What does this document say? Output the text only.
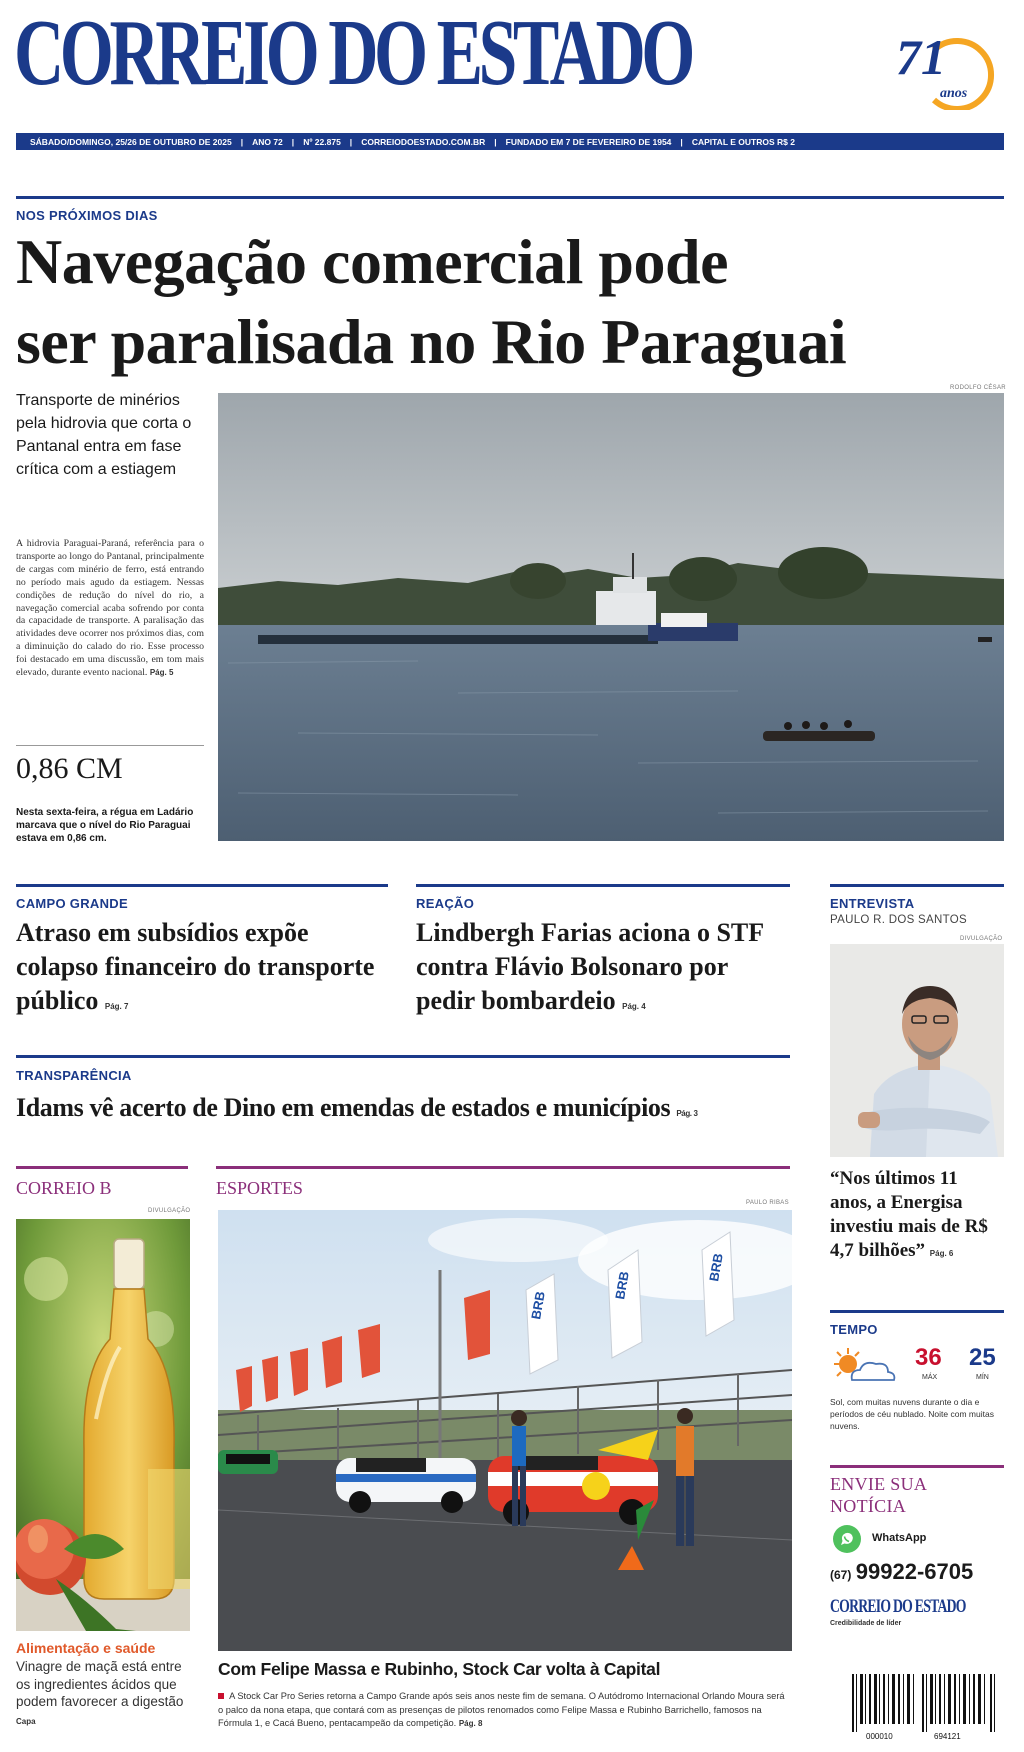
CORREIO DO ESTADO	71
anos
SÁBADO/DOMINGO, 25/26 DE OUTUBRO DE 2025	|	ANO 72	|	Nº 22.875	|	CORREIODOESTADO.COM.BR	|	FUNDADO EM 7 DE FEVEREIRO DE 1954	|	CAPITAL E OUTROS R$ 2
NOS PRÓXIMOS DIAS
Navegação comercial pode
ser paralisada no Rio Paraguai
RODOLFO CÉSAR
Transporte de minérios pela hidrovia que corta o Pantanal entra em fase crítica com a estiagem
A hidrovia Paraguai-Paraná, referência para o transporte ao longo do Pantanal, principalmente de cargas com minério de ferro, está entrando no período mais agudo da estiagem. Nessas condições de redução do nível do rio, a navegação comercial acaba sofrendo por conta da capacidade de transporte. A paralisação das atividades deve ocorrer nos próximos dias, com a diminuição do calado do rio. Esse processo foi destacado em uma discussão, em tom mais elevado, durante evento nacional. Pág. 5
0,86 CM
Nesta sexta-feira, a régua em Ladário marcava que o nível do Rio Paraguai estava em 0,86 cm.
CAMPO GRANDE
Atraso em subsídios expõe colapso financeiro do transporte público Pág. 7
REAÇÃO
Lindbergh Farias aciona o STF contra Flávio Bolsonaro por pedir bombardeio Pág. 4
TRANSPARÊNCIA
Idams vê acerto de Dino em emendas de estados e municípios Pág. 3
ENTREVISTA
PAULO R. DOS SANTOS
DIVULGAÇÃO
“Nos últimos 11 anos, a Energisa investiu mais de R$ 4,7 bilhões” Pág. 6
TEMPO
36
MÁX
25
MÍN
Sol, com muitas nuvens durante o dia e períodos de céu nublado. Noite com muitas nuvens.
ENVIE SUA
NOTÍCIA
WhatsApp
(67) 99922-6705
CORREIO DO ESTADO
Credibilidade de líder
CORREIO B
DIVULGAÇÃO
Alimentação e saúde
Vinagre de maçã está entre os ingredientes ácidos que podem favorecer a digestão Capa
ESPORTES
PAULO RIBAS
BRB
BRB
BRB
Com Felipe Massa e Rubinho, Stock Car volta à Capital
A Stock Car Pro Series retorna a Campo Grande após seis anos neste fim de semana. O Autódromo Internacional Orlando Moura será o palco da nona etapa, que contará com as presenças de pilotos renomados como Felipe Massa e Rubinho Barrichello, famosos na Fórmula 1, e Cacá Bueno, pentacampeão da competição. Pág. 8
000010	694121
